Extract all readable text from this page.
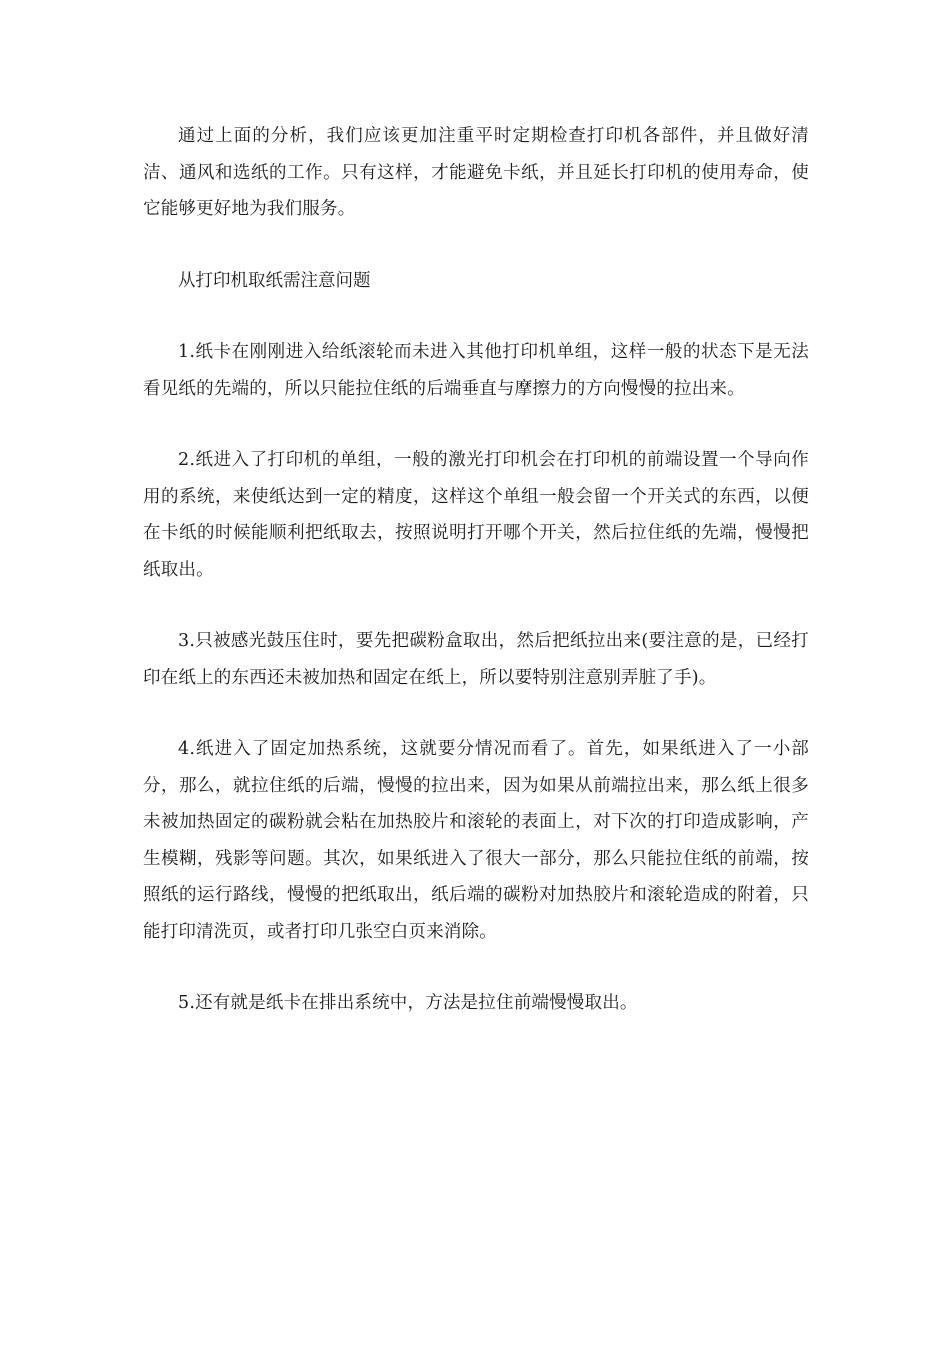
通过上面的分析，我们应该更加注重平时定期检查打印机各部件，并且做好清洁、通风和选纸的工作。只有这样，才能避免卡纸，并且延长打印机的使用寿命，使它能够更好地为我们服务。

从打印机取纸需注意问题

1.纸卡在刚刚进入给纸滚轮而未进入其他打印机单组，这样一般的状态下是无法看见纸的先端的，所以只能拉住纸的后端垂直与摩擦力的方向慢慢的拉出来。

2.纸进入了打印机的单组，一般的激光打印机会在打印机的前端设置一个导向作用的系统，来使纸达到一定的精度，这样这个单组一般会留一个开关式的东西，以便在卡纸的时候能顺利把纸取去，按照说明打开哪个开关，然后拉住纸的先端，慢慢把纸取出。

3.只被感光鼓压住时，要先把碳粉盒取出，然后把纸拉出来(要注意的是，已经打印在纸上的东西还未被加热和固定在纸上，所以要特别注意别弄脏了手)。

4.纸进入了固定加热系统，这就要分情况而看了。首先，如果纸进入了一小部分，那么，就拉住纸的后端，慢慢的拉出来，因为如果从前端拉出来，那么纸上很多未被加热固定的碳粉就会粘在加热胶片和滚轮的表面上，对下次的打印造成影响，产生模糊，残影等问题。其次，如果纸进入了很大一部分，那么只能拉住纸的前端，按照纸的运行路线，慢慢的把纸取出，纸后端的碳粉对加热胶片和滚轮造成的附着，只能打印清洗页，或者打印几张空白页来消除。

5.还有就是纸卡在排出系统中，方法是拉住前端慢慢取出。
